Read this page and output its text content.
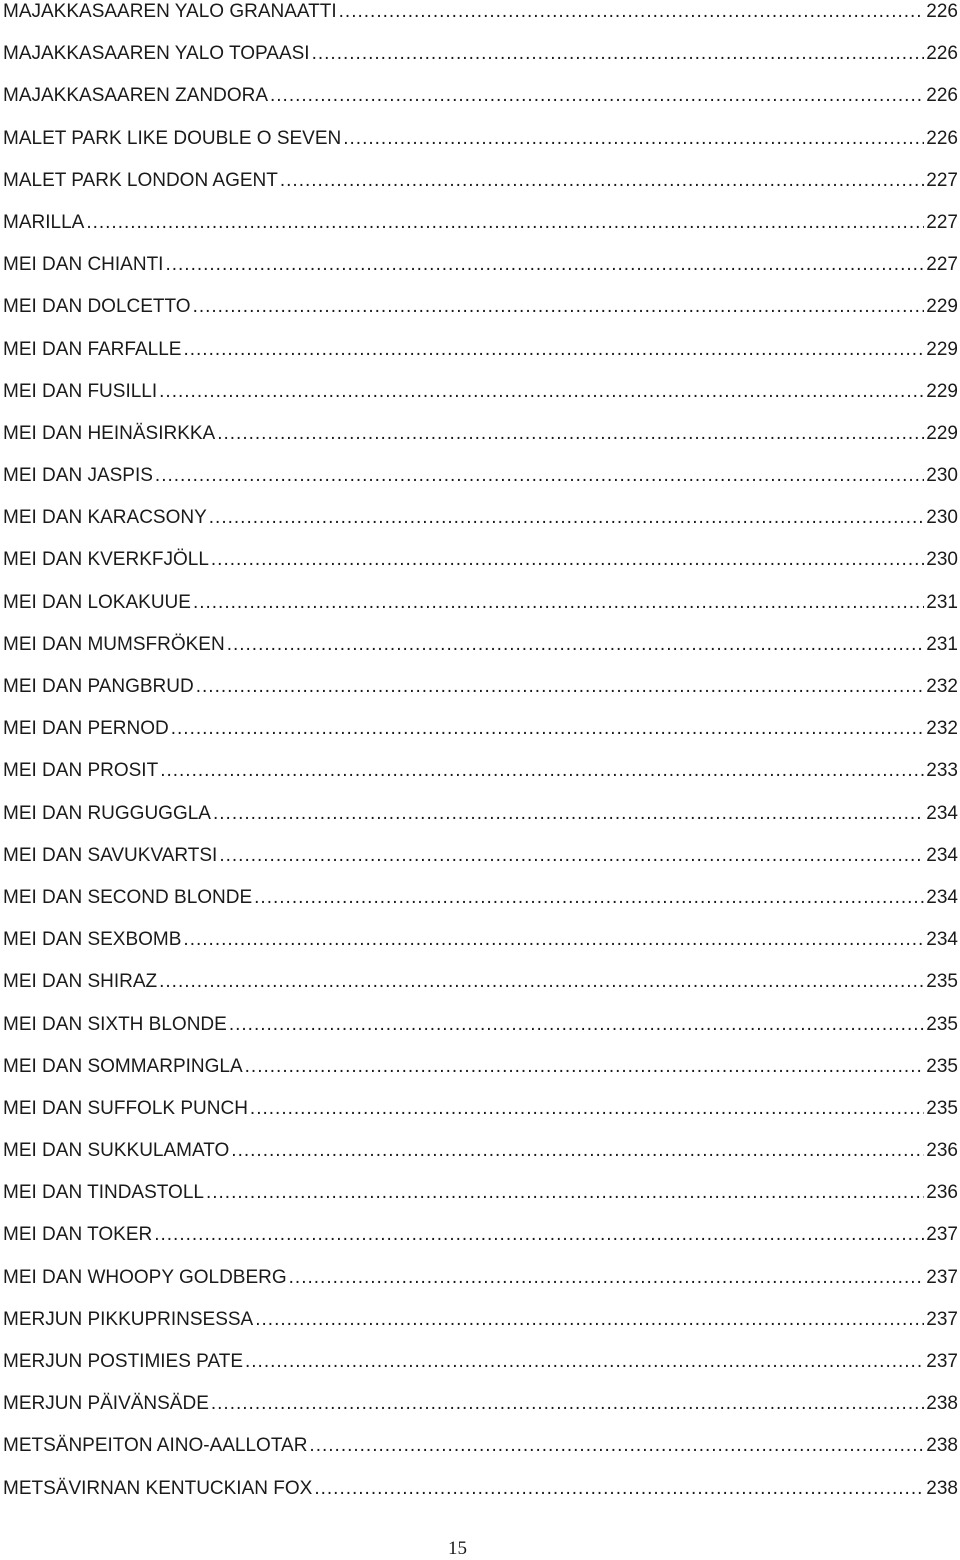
MAJAKKASAAREN YALO GRANAATTI .....	226
MAJAKKASAAREN YALO TOPAASI .....	226
MAJAKKASAAREN ZANDORA .....	226
MALET PARK LIKE DOUBLE O SEVEN .....	226
MALET PARK LONDON AGENT .....	227
MARILLA .....	227
MEI DAN CHIANTI .....	227
MEI DAN DOLCETTO .....	229
MEI DAN FARFALLE .....	229
MEI DAN FUSILLI .....	229
MEI DAN HEINÄSIRKKA .....	229
MEI DAN JASPIS .....	230
MEI DAN KARACSONY .....	230
MEI DAN KVERKFJÖLL .....	230
MEI DAN LOKAKUUE .....	231
MEI DAN MUMSFRÖKEN .....	231
MEI DAN PANGBRUD .....	232
MEI DAN PERNOD .....	232
MEI DAN PROSIT .....	233
MEI DAN RUGGUGGLA .....	234
MEI DAN SAVUKVARTSI .....	234
MEI DAN SECOND BLONDE .....	234
MEI DAN SEXBOMB .....	234
MEI DAN SHIRAZ .....	235
MEI DAN SIXTH BLONDE .....	235
MEI DAN SOMMARPINGLA .....	235
MEI DAN SUFFOLK PUNCH .....	235
MEI DAN SUKKULAMATO .....	236
MEI DAN TINDASTOLL .....	236
MEI DAN TOKER .....	237
MEI DAN WHOOPY GOLDBERG .....	237
MERJUN PIKKUPRINSESSA .....	237
MERJUN POSTIMIES PATE .....	237
MERJUN PÄIVÄNSÄDE .....	238
METSÄNPEITON AINO-AALLOTAR .....	238
METSÄVIRNAN KENTUCKIAN FOX .....	238
15
